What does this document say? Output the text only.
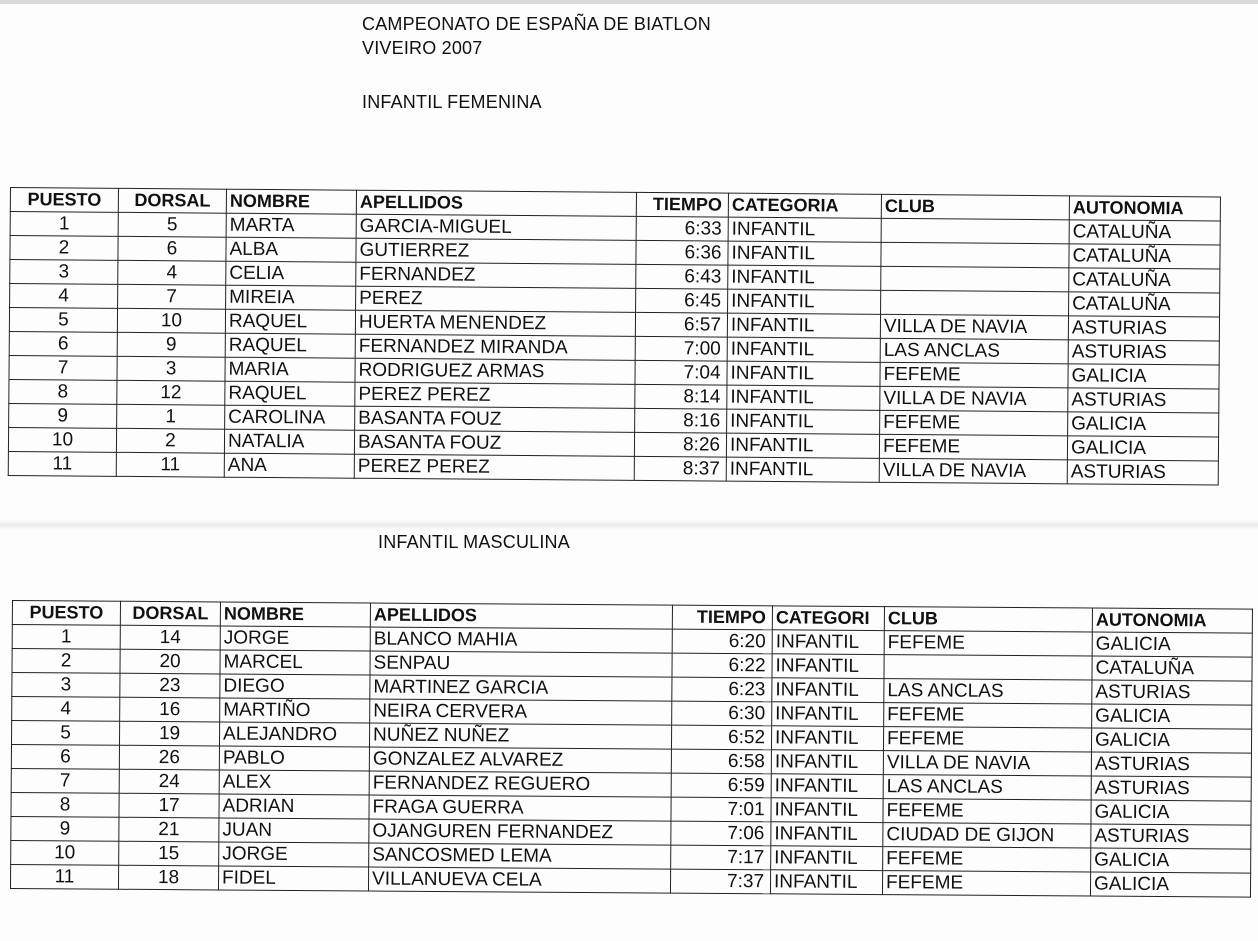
CAMPEONATO DE ESPAÑA DE BIATLON
VIVEIRO 2007
INFANTIL FEMENINA
INFANTIL MASCULINA
PUESTO	DORSAL	NOMBRE	APELLIDOS	TIEMPO	CATEGORIA	CLUB	AUTONOMIA
1	5	MARTA	GARCIA-MIGUEL	6:33	INFANTIL		CATALUÑA
2	6	ALBA	GUTIERREZ	6:36	INFANTIL		CATALUÑA
3	4	CELIA	FERNANDEZ	6:43	INFANTIL		CATALUÑA
4	7	MIREIA	PEREZ	6:45	INFANTIL		CATALUÑA
5	10	RAQUEL	HUERTA MENENDEZ	6:57	INFANTIL	VILLA DE NAVIA	ASTURIAS
6	9	RAQUEL	FERNANDEZ MIRANDA	7:00	INFANTIL	LAS ANCLAS	ASTURIAS
7	3	MARIA	RODRIGUEZ ARMAS	7:04	INFANTIL	FEFEME	GALICIA
8	12	RAQUEL	PEREZ PEREZ	8:14	INFANTIL	VILLA DE NAVIA	ASTURIAS
9	1	CAROLINA	BASANTA FOUZ	8:16	INFANTIL	FEFEME	GALICIA
10	2	NATALIA	BASANTA FOUZ	8:26	INFANTIL	FEFEME	GALICIA
11	11	ANA	PEREZ PEREZ	8:37	INFANTIL	VILLA DE NAVIA	ASTURIAS
PUESTO	DORSAL	NOMBRE	APELLIDOS	TIEMPO	CATEGORI	CLUB	AUTONOMIA
1	14	JORGE	BLANCO MAHIA	6:20	INFANTIL	FEFEME	GALICIA
2	20	MARCEL	SENPAU	6:22	INFANTIL		CATALUÑA
3	23	DIEGO	MARTINEZ GARCIA	6:23	INFANTIL	LAS ANCLAS	ASTURIAS
4	16	MARTIÑO	NEIRA CERVERA	6:30	INFANTIL	FEFEME	GALICIA
5	19	ALEJANDRO	NUÑEZ NUÑEZ	6:52	INFANTIL	FEFEME	GALICIA
6	26	PABLO	GONZALEZ ALVAREZ	6:58	INFANTIL	VILLA DE NAVIA	ASTURIAS
7	24	ALEX	FERNANDEZ REGUERO	6:59	INFANTIL	LAS ANCLAS	ASTURIAS
8	17	ADRIAN	FRAGA GUERRA	7:01	INFANTIL	FEFEME	GALICIA
9	21	JUAN	OJANGUREN FERNANDEZ	7:06	INFANTIL	CIUDAD DE GIJON	ASTURIAS
10	15	JORGE	SANCOSMED LEMA	7:17	INFANTIL	FEFEME	GALICIA
11	18	FIDEL	VILLANUEVA CELA	7:37	INFANTIL	FEFEME	GALICIA
